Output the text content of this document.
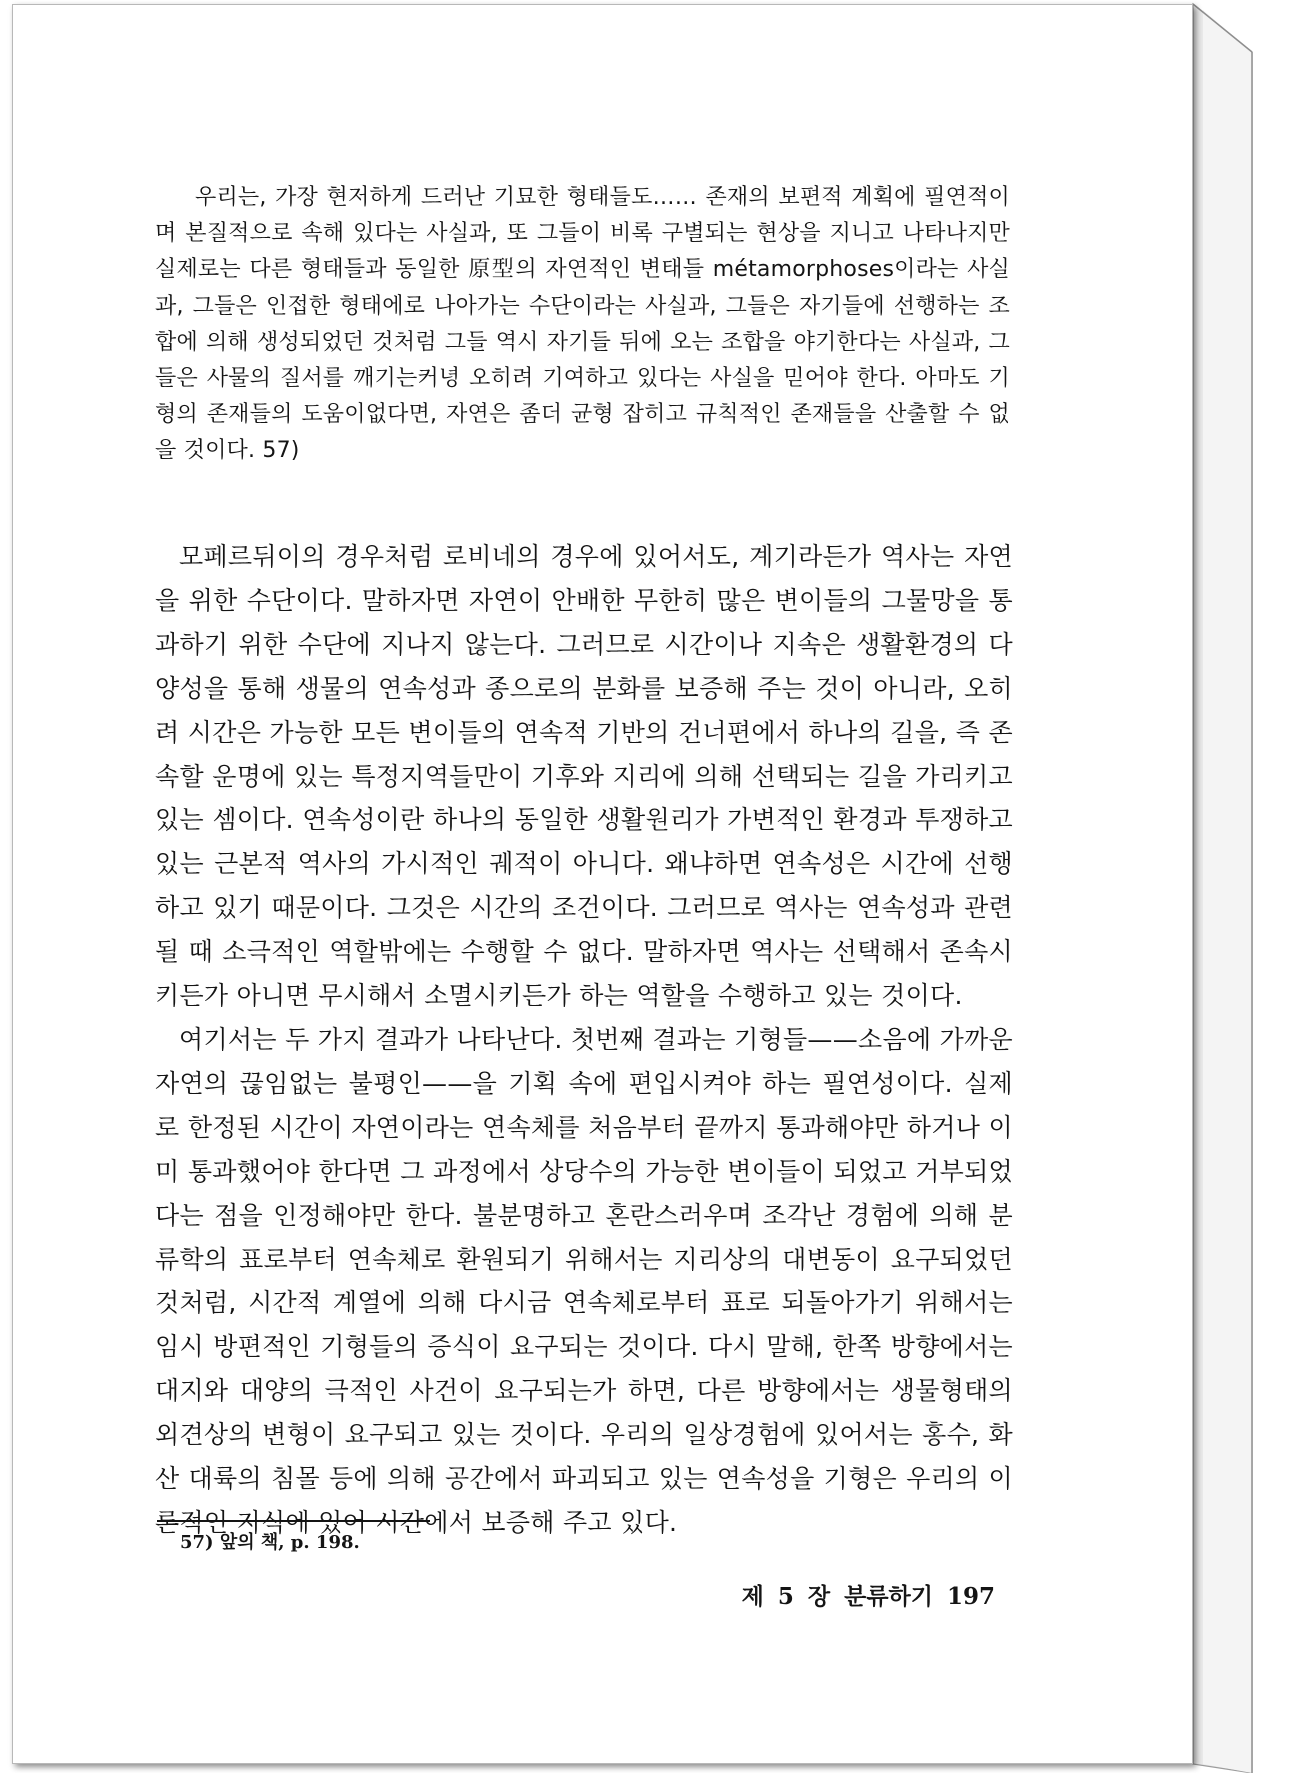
우리는, 가장 현저하게 드러난 기묘한 형태들도…… 존재의 보편적 계획에 필연적이며 본질적으로 속해 있다는 사실과, 또 그들이 비록 구별되는 현상을 지니고 나타나지만 실제로는 다른 형태들과 동일한 原型의 자연적인 변태들 métamorphoses이라는 사실과, 그들은 인접한 형태에로 나아가는 수단이라는 사실과, 그들은 자기들에 선행하는 조합에 의해 생성되었던 것처럼 그들 역시 자기들 뒤에 오는 조합을 야기한다는 사실과, 그들은 사물의 질서를 깨기는커녕 오히려 기여하고 있다는 사실을 믿어야 한다. 아마도 기형의 존재들의 도움이없다면, 자연은 좀더 균형 잡히고 규칙적인 존재들을 산출할 수 없을 것이다. 57)

모페르뒤이의 경우처럼 로비네의 경우에 있어서도, 계기라든가 역사는 자연을 위한 수단이다. 말하자면 자연이 안배한 무한히 많은 변이들의 그물망을 통과하기 위한 수단에 지나지 않는다. 그러므로 시간이나 지속은 생활환경의 다양성을 통해 생물의 연속성과 종으로의 분화를 보증해 주는 것이 아니라, 오히려 시간은 가능한 모든 변이들의 연속적 기반의 건너편에서 하나의 길을, 즉 존속할 운명에 있는 특정지역들만이 기후와 지리에 의해 선택되는 길을 가리키고 있는 셈이다. 연속성이란 하나의 동일한 생활원리가 가변적인 환경과 투쟁하고 있는 근본적 역사의 가시적인 궤적이 아니다. 왜냐하면 연속성은 시간에 선행하고 있기 때문이다. 그것은 시간의 조건이다. 그러므로 역사는 연속성과 관련될 때 소극적인 역할밖에는 수행할 수 없다. 말하자면 역사는 선택해서 존속시키든가 아니면 무시해서 소멸시키든가 하는 역할을 수행하고 있는 것이다.

여기서는 두 가지 결과가 나타난다. 첫번째 결과는 기형들——소음에 가까운 자연의 끊임없는 불평인——을 기획 속에 편입시켜야 하는 필연성이다. 실제로 한정된 시간이 자연이라는 연속체를 처음부터 끝까지 통과해야만 하거나 이미 통과했어야 한다면 그 과정에서 상당수의 가능한 변이들이 되었고 거부되었다는 점을 인정해야만 한다. 불분명하고 혼란스러우며 조각난 경험에 의해 분류학의 표로부터 연속체로 환원되기 위해서는 지리상의 대변동이 요구되었던 것처럼, 시간적 계열에 의해 다시금 연속체로부터 표로 되돌아가기 위해서는 임시 방편적인 기형들의 증식이 요구되는 것이다. 다시 말해, 한쪽 방향에서는 대지와 대양의 극적인 사건이 요구되는가 하면, 다른 방향에서는 생물형태의 외견상의 변형이 요구되고 있는 것이다. 우리의 일상경험에 있어서는 홍수, 화산 대륙의 침몰 등에 의해 공간에서 파괴되고 있는 연속성을 기형은 우리의 이론적인 지식에 있어 시간에서 보증해 주고 있다.

57) 앞의 책, p. 198.
제 5 장 분류하기 197
